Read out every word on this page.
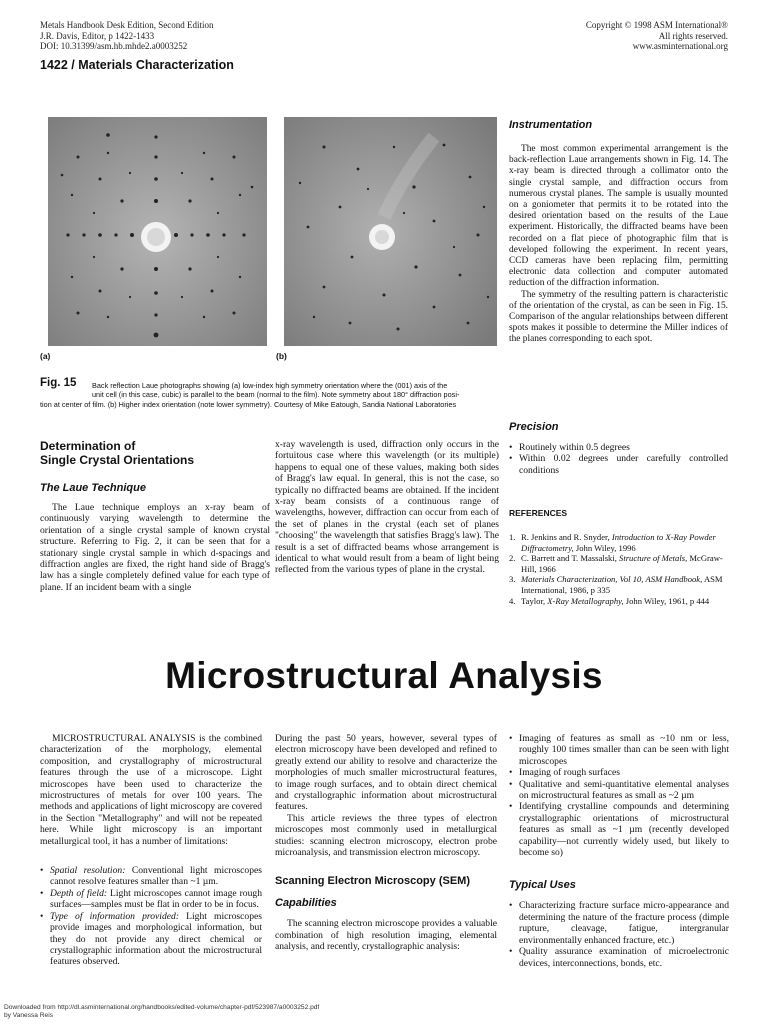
Metals Handbook Desk Edition, Second Edition
J.R. Davis, Editor, p 1422-1433
DOI: 10.31399/asm.hb.mhde2.a0003252
1422 / Materials Characterization
Copyright © 1998 ASM International®
All rights reserved.
www.asminternational.org
(a)	(b)
Fig. 15 Back reflection Laue photographs showing (a) low-index high symmetry orientation where the (001) axis of the
unit cell (in this case, cubic) is parallel to the beam (normal to the film). Note symmetry about 180° diffraction posi-
tion at center of film. (b) Higher index orientation (note lower symmetry). Courtesy of Mike Eatough, Sandia National Laboratories
Instrumentation

The most common experimental arrangement is the back-reflection Laue arrangements shown in Fig. 14. The x-ray beam is directed through a collimator onto the single crystal sample, and diffraction occurs from numerous crystal planes. The sample is usually mounted on a goniometer that permits it to be rotated into the desired orientation based on the results of the Laue experiment. Historically, the diffracted beams have been recorded on a flat piece of photographic film that is developed following the experiment. In recent years, CCD cameras have been replacing film, permitting electronic data collection and computer automated reduction of the diffraction information.

The symmetry of the resulting pattern is characteristic of the orientation of the crystal, as can be seen in Fig. 15. Comparison of the angular relationships between different spots makes it possible to determine the Miller indices of the planes corresponding to each spot.

Precision
• Routinely within 0.5 degrees
• Within 0.02 degrees under carefully controlled conditions
REFERENCES
1. R. Jenkins and R. Snyder, Introduction to X-Ray Powder Diffractometry, John Wiley, 1996
2. C. Barrett and T. Massalski, Structure of Metals, McGraw-Hill, 1966
3. Materials Characterization, Vol 10, ASM Handbook, ASM International, 1986, p 335
4. Taylor, X-Ray Metallography, John Wiley, 1961, p 444
Determination of
Single Crystal Orientations
The Laue Technique

The Laue technique employs an x-ray beam of continuously varying wavelength to determine the orientation of a single crystal sample of known crystal structure. Referring to Fig. 2, it can be seen that for a stationary single crystal sample in which d-spacings and diffraction angles are fixed, the right hand side of Bragg's law has a single completely defined value for each type of plane. If an incident beam with a single

x-ray wavelength is used, diffraction only occurs in the fortuitous case where this wavelength (or its multiple) happens to equal one of these values, making both sides of Bragg's law equal. In general, this is not the case, so typically no diffracted beams are obtained. If the incident x-ray beam consists of a continuous range of wavelengths, however, diffraction can occur from each of the set of planes in the crystal (each set of planes "choosing" the wavelength that satisfies Bragg's law). The result is a set of diffracted beams whose arrangement is identical to what would result from a beam of light being reflected from the various types of plane in the crystal.

Microstructural Analysis

MICROSTRUCTURAL ANALYSIS is the combined characterization of the morphology, elemental composition, and crystallography of microstructural features through the use of a microscope. Light microscopes have been used to characterize the microstructures of metals for over 100 years. The methods and applications of light microscopy are covered in the Section "Metallography" and will not be repeated here. While light microscopy is an important metallurgical tool, it has a number of limitations:

• Spatial resolution: Conventional light microscopes cannot resolve features smaller than ~1 µm.
• Depth of field: Light microscopes cannot image rough surfaces—samples must be flat in order to be in focus.
• Type of information provided: Light microscopes provide images and morphological information, but they do not provide any direct chemical or crystallographic information about the microstructural features observed.

During the past 50 years, however, several types of electron microscopy have been developed and refined to greatly extend our ability to resolve and characterize the morphologies of much smaller microstructural features, to image rough surfaces, and to obtain direct chemical and crystallographic information about microstructural features.

This article reviews the three types of electron microscopes most commonly used in metallurgical studies: scanning electron microscopy, electron probe microanalysis, and transmission electron microscopy.

Scanning Electron Microscopy (SEM)
Capabilities

The scanning electron microscope provides a valuable combination of high resolution imaging, elemental analysis, and recently, crystallographic analysis:

• Imaging of features as small as ~10 nm or less, roughly 100 times smaller than can be seen with light microscopes
• Imaging of rough surfaces
• Qualitative and semi-quantitative elemental analyses on microstructural features as small as ~2 µm
• Identifying crystalline compounds and determining crystallographic orientations of microstructural features as small as ~1 µm (recently developed capability—not currently widely used, but likely to become so)
Typical Uses
• Characterizing fracture surface micro-appearance and determining the nature of the fracture process (dimple rupture, cleavage, fatigue, intergranular environmentally enhanced fracture, etc.)
• Quality assurance examination of microelectronic devices, interconnections, bonds, etc.
Downloaded from http://dl.asminternational.org/handbooks/edited-volume/chapter-pdf/523987/a0003252.pdf
by Vanessa Reis
